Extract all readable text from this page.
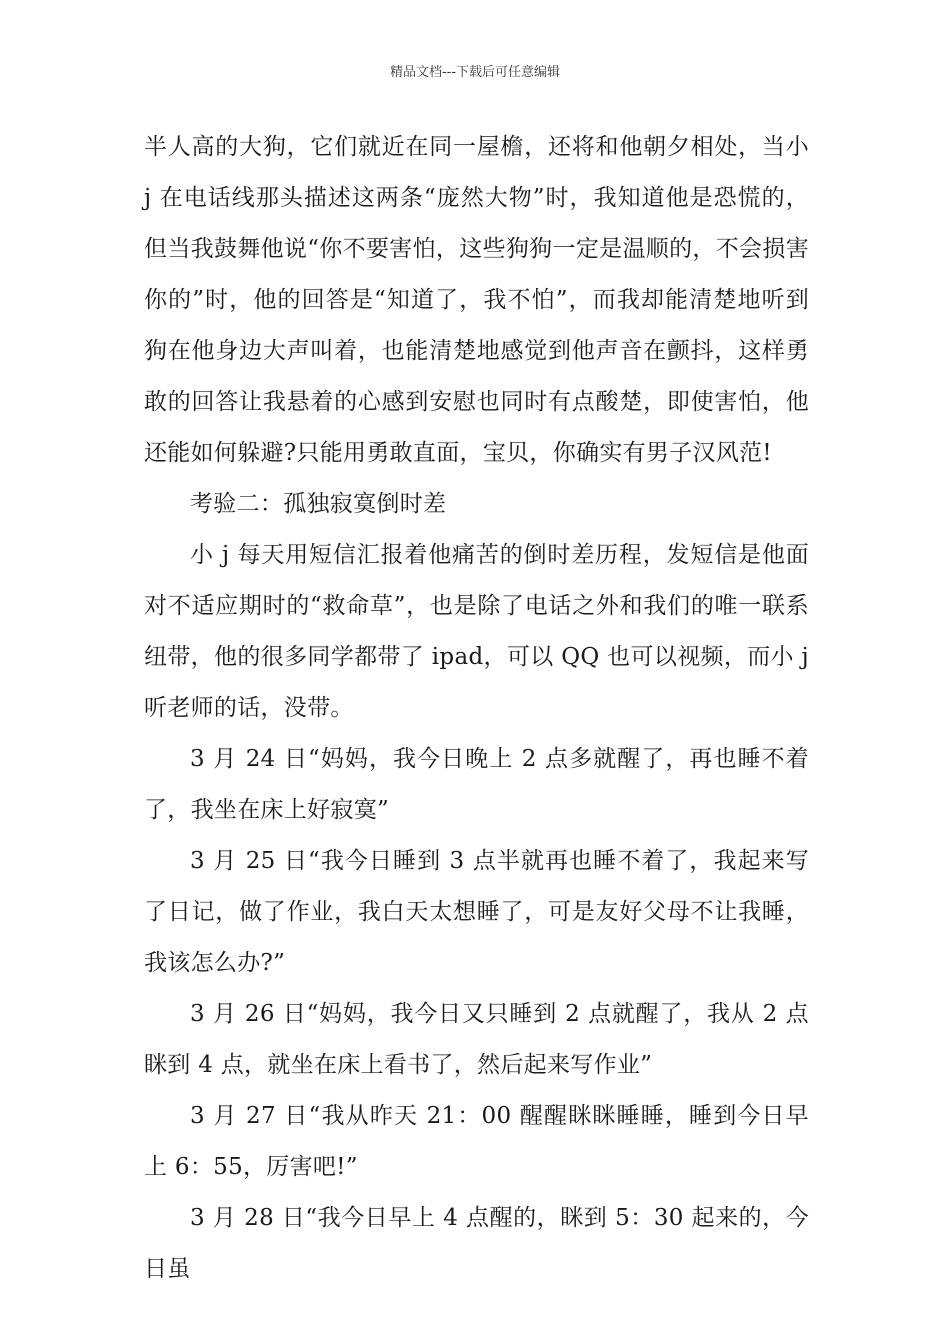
精品文档---下载后可任意编辑

半人高的大狗，它们就近在同一屋檐，还将和他朝夕相处，当小 j 在电话线那头描述这两条“庞然大物”时，我知道他是恐慌的，但当我鼓舞他说“你不要害怕，这些狗狗一定是温顺的，不会损害你的”时，他的回答是“知道了，我不怕”，而我却能清楚地听到狗在他身边大声叫着，也能清楚地感觉到他声音在颤抖，这样勇敢的回答让我悬着的心感到安慰也同时有点酸楚，即使害怕，他还能如何躲避?只能用勇敢直面，宝贝，你确实有男子汉风范!

考验二：孤独寂寞倒时差

小 j 每天用短信汇报着他痛苦的倒时差历程，发短信是他面对不适应期时的“救命草”，也是除了电话之外和我们的唯一联系纽带，他的很多同学都带了 ipad，可以 QQ 也可以视频，而小 j 听老师的话，没带。

3 月 24 日“妈妈，我今日晚上 2 点多就醒了，再也睡不着了，我坐在床上好寂寞”

3 月 25 日“我今日睡到 3 点半就再也睡不着了，我起来写了日记，做了作业，我白天太想睡了，可是友好父母不让我睡，我该怎么办?”

3 月 26 日“妈妈，我今日又只睡到 2 点就醒了，我从 2 点眯到 4 点，就坐在床上看书了，然后起来写作业”

3 月 27 日“我从昨天 21：00 醒醒眯眯睡睡，睡到今日早上 6：55，厉害吧!”

3 月 28 日“我今日早上 4 点醒的，眯到 5：30 起来的，今日虽
